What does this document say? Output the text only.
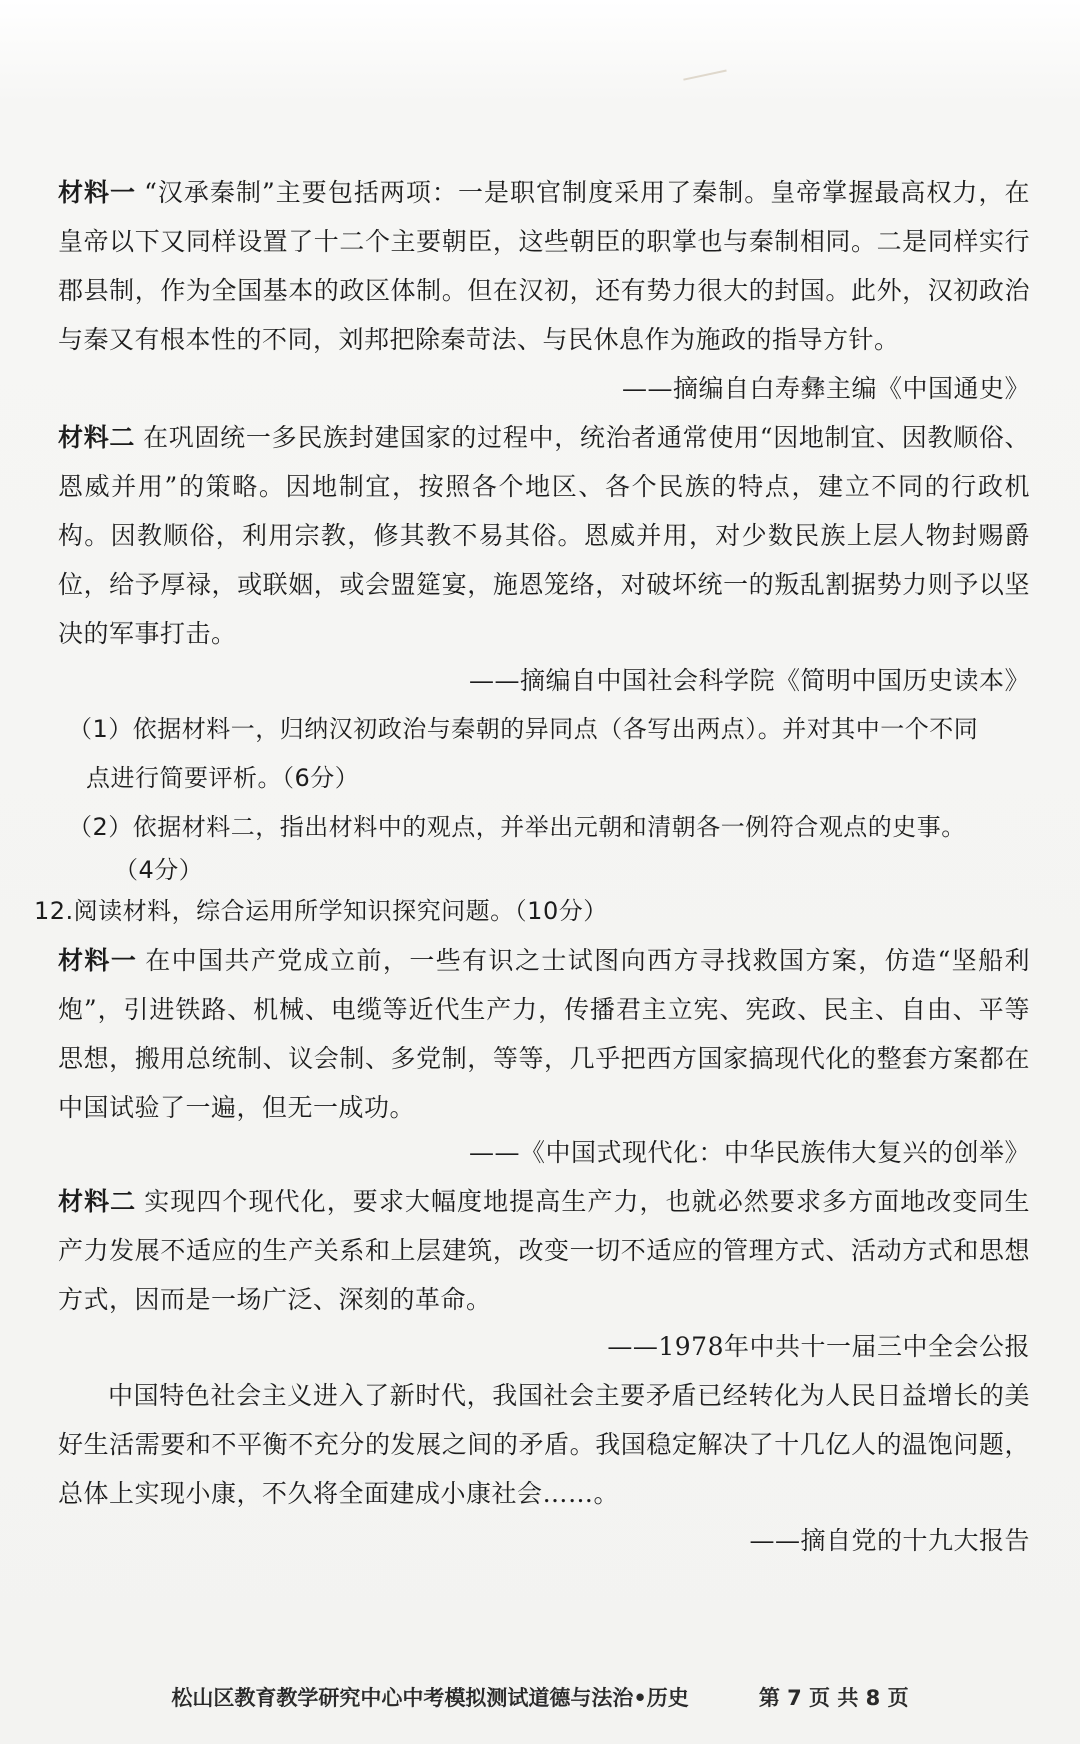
材料一 “汉承秦制”主要包括两项：一是职官制度采用了秦制。皇帝掌握最高权力，在皇帝以下又同样设置了十二个主要朝臣，这些朝臣的职掌也与秦制相同。二是同样实行郡县制，作为全国基本的政区体制。但在汉初，还有势力很大的封国。此外，汉初政治与秦又有根本性的不同，刘邦把除秦苛法、与民休息作为施政的指导方针。

——摘编自白寿彝主编《中国通史》

材料二 在巩固统一多民族封建国家的过程中，统治者通常使用“因地制宜、因教顺俗、恩威并用”的策略。因地制宜，按照各个地区、各个民族的特点，建立不同的行政机构。因教顺俗，利用宗教，修其教不易其俗。恩威并用，对少数民族上层人物封赐爵位，给予厚禄，或联姻，或会盟筵宴，施恩笼络，对破坏统一的叛乱割据势力则予以坚决的军事打击。

——摘编自中国社会科学院《简明中国历史读本》

（1）依据材料一，归纳汉初政治与秦朝的异同点（各写出两点）。并对其中一个不同

点进行简要评析。（6分）

（2）依据材料二，指出材料中的观点，并举出元朝和清朝各一例符合观点的史事。

（4分）

12.阅读材料，综合运用所学知识探究问题。（10分）

材料一 在中国共产党成立前，一些有识之士试图向西方寻找救国方案，仿造“坚船利炮”，引进铁路、机械、电缆等近代生产力，传播君主立宪、宪政、民主、自由、平等思想，搬用总统制、议会制、多党制，等等，几乎把西方国家搞现代化的整套方案都在中国试验了一遍，但无一成功。

——《中国式现代化：中华民族伟大复兴的创举》

材料二 实现四个现代化，要求大幅度地提高生产力，也就必然要求多方面地改变同生产力发展不适应的生产关系和上层建筑，改变一切不适应的管理方式、活动方式和思想方式，因而是一场广泛、深刻的革命。

——1978年中共十一届三中全会公报

中国特色社会主义进入了新时代，我国社会主要矛盾已经转化为人民日益增长的美好生活需要和不平衡不充分的发展之间的矛盾。我国稳定解决了十几亿人的温饱问题，总体上实现小康，不久将全面建成小康社会……。

——摘自党的十九大报告

松山区教育教学研究中心中考模拟测试道德与法治•历史	第 7 页 共 8 页
